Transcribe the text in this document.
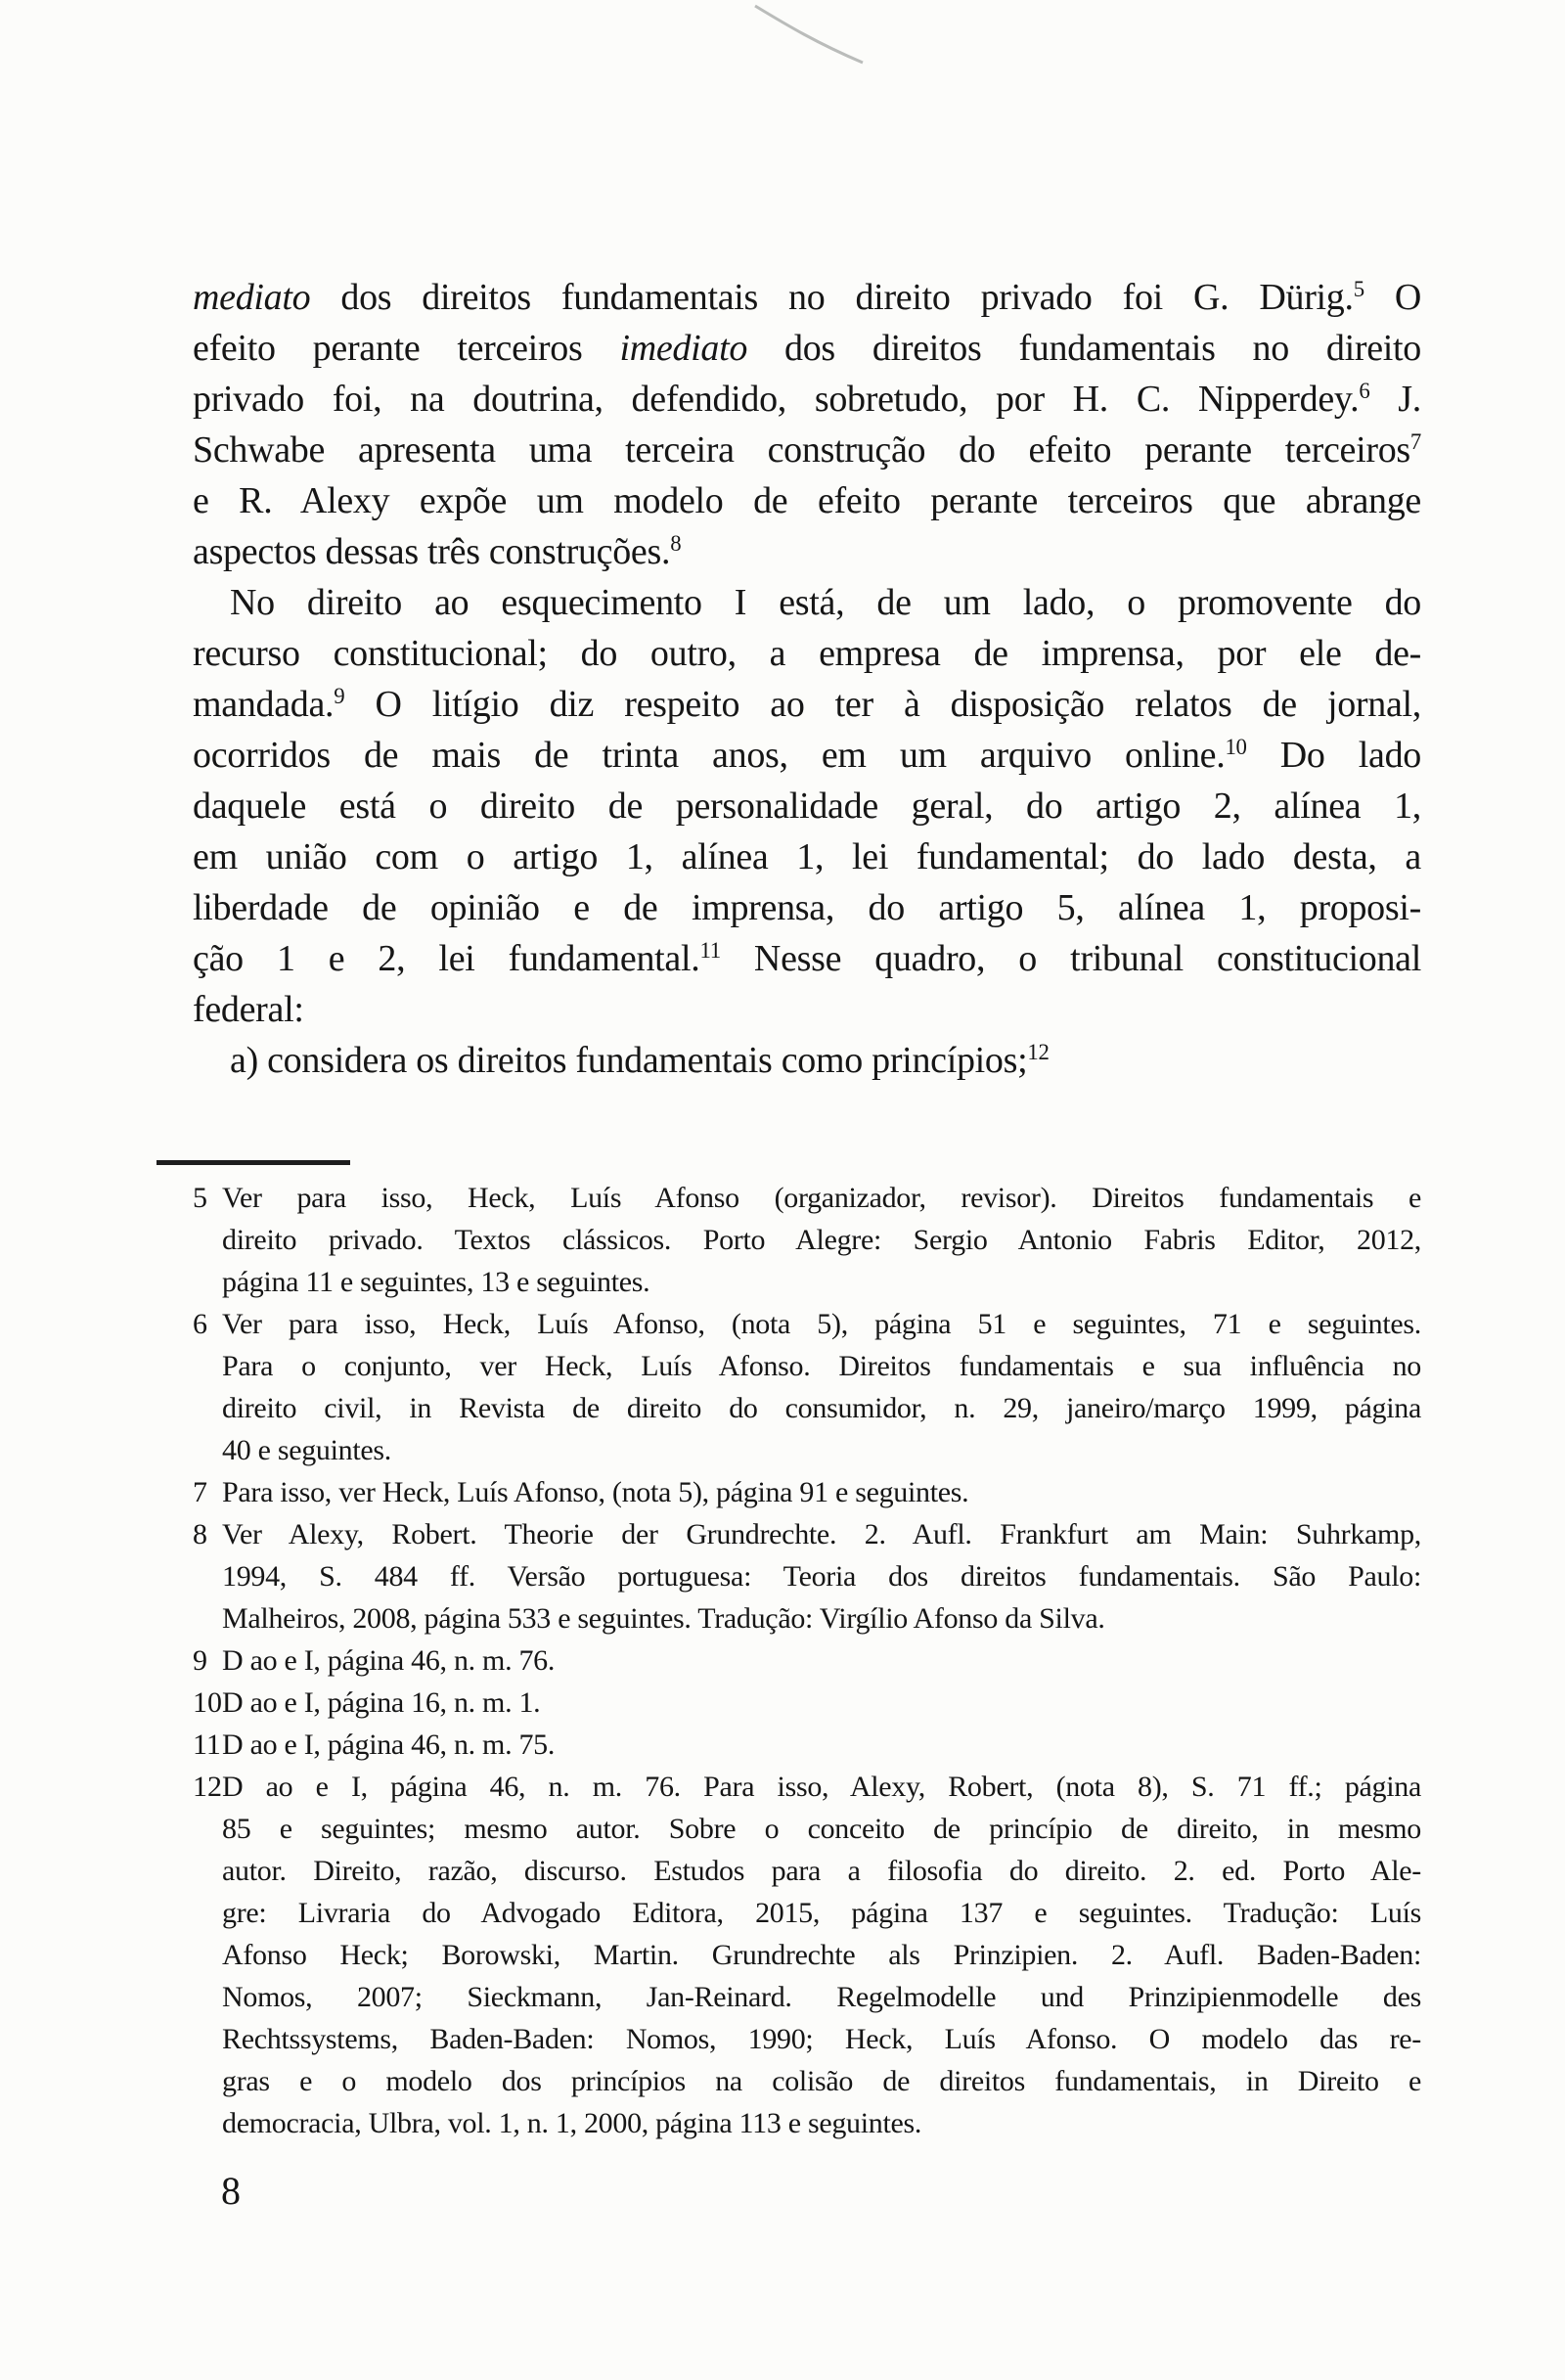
mediato dos direitos fundamentais no direito privado foi G. Dürig.$^5$ O
efeito perante terceiros imediato dos direitos fundamentais no direito
privado foi, na doutrina, defendido, sobretudo, por H. C. Nipperdey.$^6$ J.
Schwabe apresenta uma terceira construção do efeito perante terceiros$^7$
e R. Alexy expõe um modelo de efeito perante terceiros que abrange
aspectos dessas três construções.$^8$
No direito ao esquecimento I está, de um lado, o promovente do
recurso constitucional; do outro, a empresa de imprensa, por ele de-
mandada.$^9$ O litígio diz respeito ao ter à disposição relatos de jornal,
ocorridos de mais de trinta anos, em um arquivo online.$^{10}$ Do lado
daquele está o direito de personalidade geral, do artigo 2, alínea 1,
em união com o artigo 1, alínea 1, lei fundamental; do lado desta, a
liberdade de opinião e de imprensa, do artigo 5, alínea 1, proposi-
ção 1 e 2, lei fundamental.$^{11}$ Nesse quadro, o tribunal constitucional
federal:
a) considera os direitos fundamentais como princípios;$^{12}$
5 Ver para isso, Heck, Luís Afonso (organizador, revisor). Direitos fundamentais e
direito privado. Textos clássicos. Porto Alegre: Sergio Antonio Fabris Editor, 2012,
página 11 e seguintes, 13 e seguintes.
6 Ver para isso, Heck, Luís Afonso, (nota 5), página 51 e seguintes, 71 e seguintes.
Para o conjunto, ver Heck, Luís Afonso. Direitos fundamentais e sua influência no
direito civil, in Revista de direito do consumidor, n. 29, janeiro/março 1999, página
40 e seguintes.
7 Para isso, ver Heck, Luís Afonso, (nota 5), página 91 e seguintes.
8 Ver Alexy, Robert. Theorie der Grundrechte. 2. Aufl. Frankfurt am Main: Suhrkamp,
1994, S. 484 ff. Versão portuguesa: Teoria dos direitos fundamentais. São Paulo:
Malheiros, 2008, página 533 e seguintes. Tradução: Virgílio Afonso da Silva.
9 D ao e I, página 46, n. m. 76.
10 D ao e I, página 16, n. m. 1.
11 D ao e I, página 46, n. m. 75.
12 D ao e I, página 46, n. m. 76. Para isso, Alexy, Robert, (nota 8), S. 71 ff.; página
85 e seguintes; mesmo autor. Sobre o conceito de princípio de direito, in mesmo
autor. Direito, razão, discurso. Estudos para a filosofia do direito. 2. ed. Porto Ale-
gre: Livraria do Advogado Editora, 2015, página 137 e seguintes. Tradução: Luís
Afonso Heck; Borowski, Martin. Grundrechte als Prinzipien. 2. Aufl. Baden-Baden:
Nomos, 2007; Sieckmann, Jan-Reinard. Regelmodelle und Prinzipienmodelle des
Rechtssystems, Baden-Baden: Nomos, 1990; Heck, Luís Afonso. O modelo das re-
gras e o modelo dos princípios na colisão de direitos fundamentais, in Direito e
democracia, Ulbra, vol. 1, n. 1, 2000, página 113 e seguintes.
8
